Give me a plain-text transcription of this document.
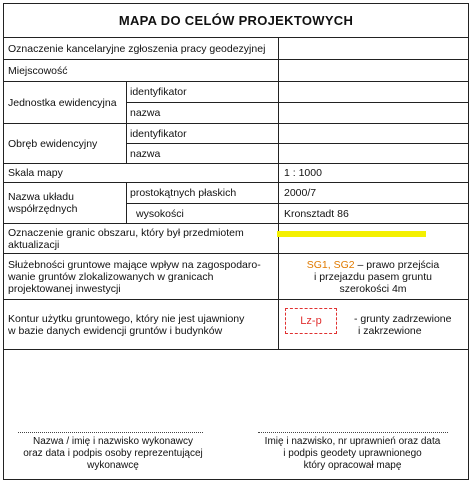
MAPA DO CELÓW PROJEKTOWYCH
Oznaczenie kancelaryjne zgłoszenia pracy geodezyjnej
Miejscowość
Jednostka ewidencyjna
identyfikator
nazwa
Obręb ewidencyjny
identyfikator
nazwa
Skala mapy	1 : 1000
Nazwa układu
współrzędnych
prostokątnych płaskich
wysokości
2000/7
Kronsztadt 86
Oznaczenie granic obszaru, który był przedmiotem
aktualizacji
Służebności gruntowe mające wpływ na zagospodaro-
wanie gruntów zlokalizowanych w granicach
projektowanej inwestycji
SG1, SG2 – prawo przejścia
i przejazdu pasem gruntu
szerokości 4m
Kontur użytku gruntowego, który nie jest ujawniony
w bazie danych ewidencji gruntów i budynków
- grunty zadrzewione
i zakrzewione
Lz-p
Nazwa / imię i nazwisko wykonawcy
oraz data i podpis osoby reprezentującej
wykonawcę
Imię i nazwisko, nr uprawnień oraz data
i podpis geodety uprawnionego
który opracował mapę
